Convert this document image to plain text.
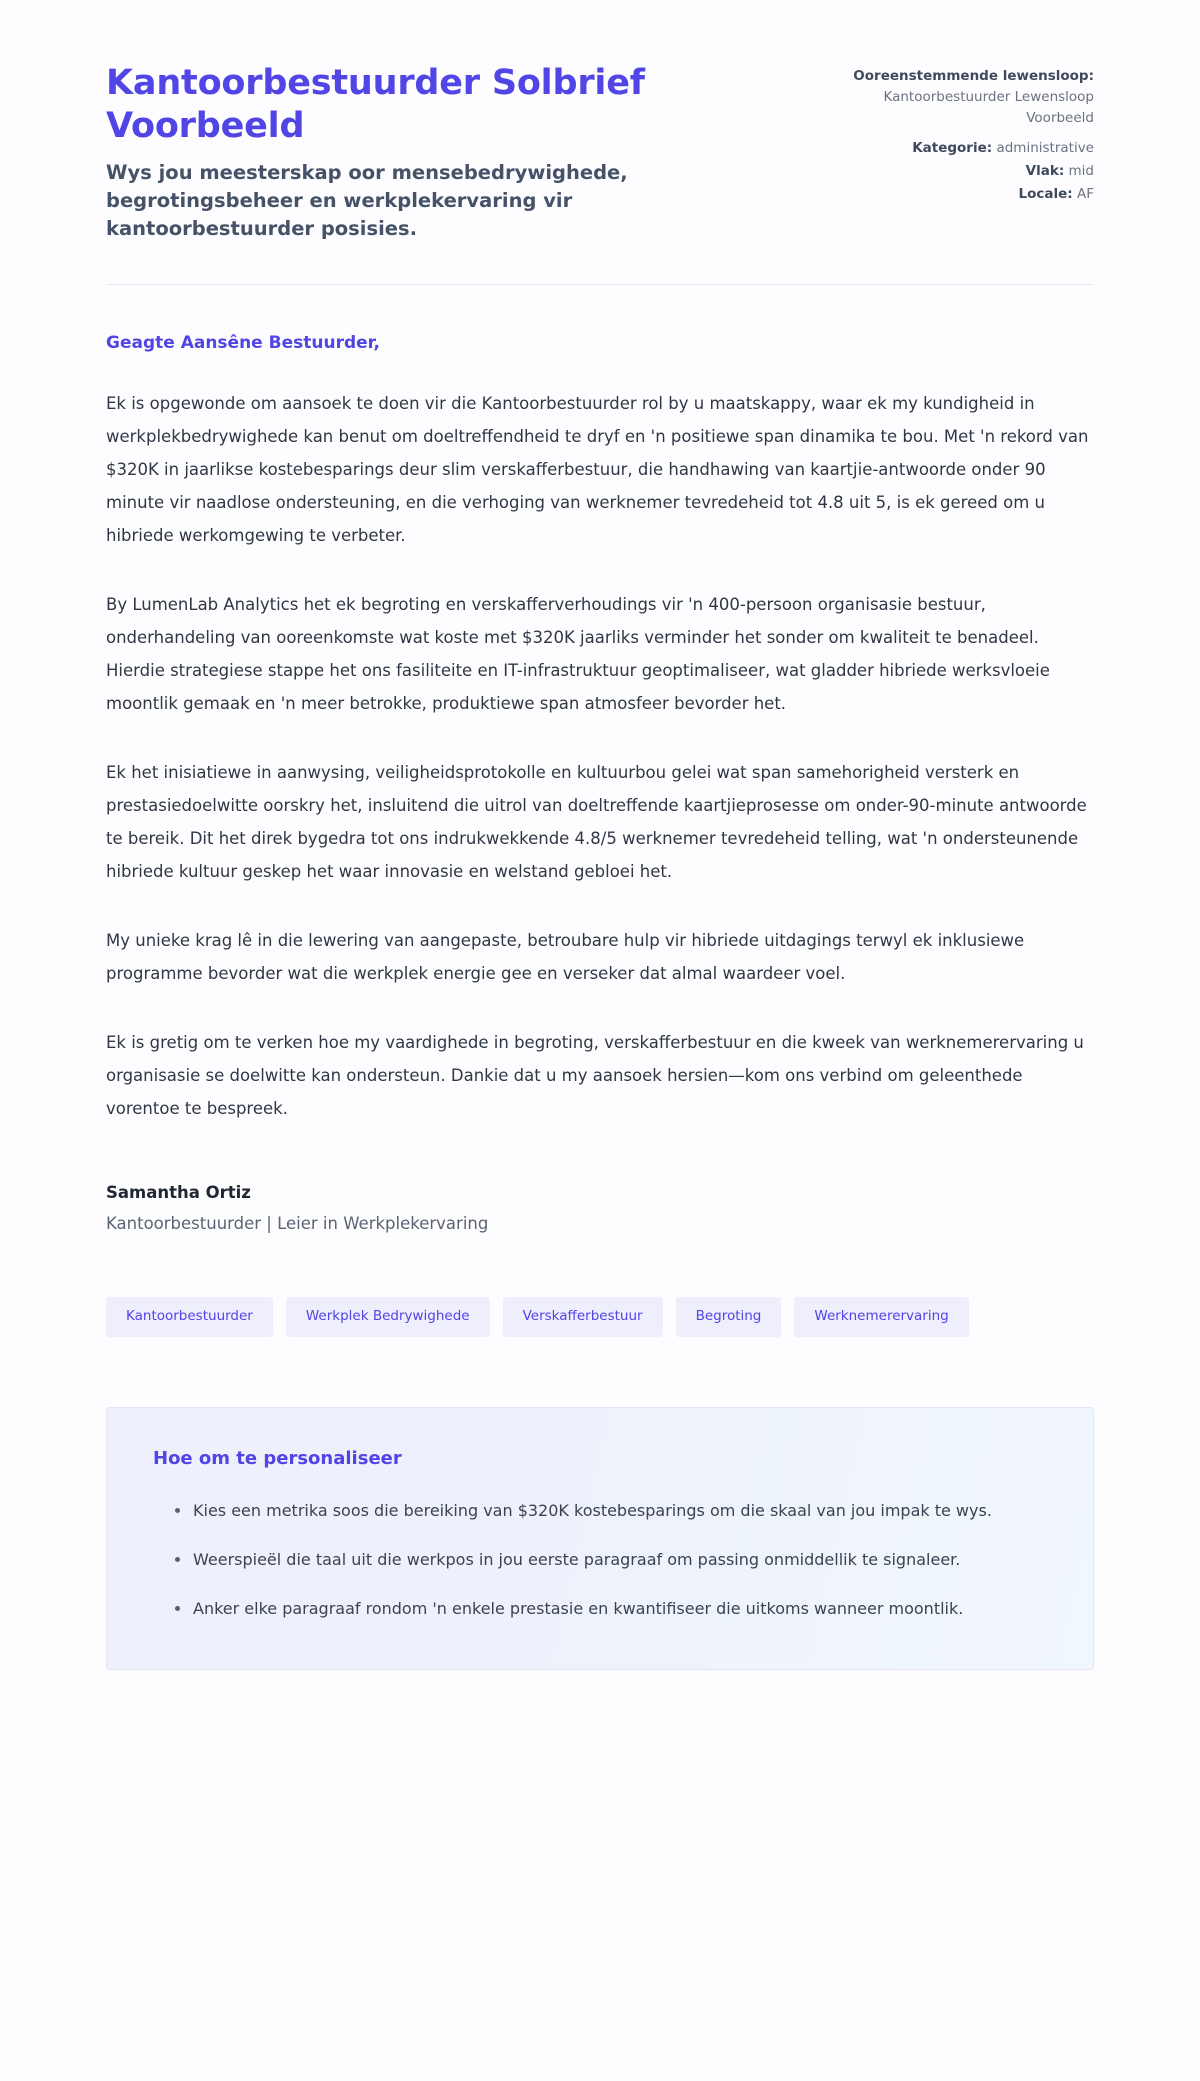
Kantoorbestuurder Solbrief Voorbeeld

Wys jou meesterskap oor mensebedrywighede, begrotingsbeheer en werkplekervaring vir kantoorbestuurder posisies.

Ooreenstemmende lewensloop:
Kantoorbestuurder Lewensloop Voorbeeld
Kategorie: administrative
Vlak: mid
Locale: AF

Geagte Aansêne Bestuurder,

Ek is opgewonde om aansoek te doen vir die Kantoorbestuurder rol by u maatskappy, waar ek my kundigheid in werkplekbedrywighede kan benut om doeltreffendheid te dryf en 'n positiewe span dinamika te bou. Met 'n rekord van $320K in jaarlikse kostebesparings deur slim verskafferbestuur, die handhawing van kaartjie-antwoorde onder 90 minute vir naadlose ondersteuning, en die verhoging van werknemer tevredeheid tot 4.8 uit 5, is ek gereed om u hibriede werkomgewing te verbeter.

By LumenLab Analytics het ek begroting en verskafferverhoudings vir 'n 400-persoon organisasie bestuur, onderhandeling van ooreenkomste wat koste met $320K jaarliks verminder het sonder om kwaliteit te benadeel. Hierdie strategiese stappe het ons fasiliteite en IT-infrastruktuur geoptimaliseer, wat gladder hibriede werksvloeie moontlik gemaak en 'n meer betrokke, produktiewe span atmosfeer bevorder het.

Ek het inisiatiewe in aanwysing, veiligheidsprotokolle en kultuurbou gelei wat span samehorigheid versterk en prestasiedoelwitte oorskry het, insluitend die uitrol van doeltreffende kaartjieprosesse om onder-90-minute antwoorde te bereik. Dit het direk bygedra tot ons indrukwekkende 4.8/5 werknemer tevredeheid telling, wat 'n ondersteunende hibriede kultuur geskep het waar innovasie en welstand gebloei het.

My unieke krag lê in die lewering van aangepaste, betroubare hulp vir hibriede uitdagings terwyl ek inklusiewe programme bevorder wat die werkplek energie gee en verseker dat almal waardeer voel.

Ek is gretig om te verken hoe my vaardighede in begroting, verskafferbestuur en die kweek van werknemerervaring u organisasie se doelwitte kan ondersteun. Dankie dat u my aansoek hersien—kom ons verbind om geleenthede vorentoe te bespreek.

Samantha Ortiz

Kantoorbestuurder | Leier in Werkplekervaring

Kantoorbestuurder	Werkplek Bedrywighede	Verskafferbestuur	Begroting	Werknemerervaring
Hoe om te personaliseer
Kies een metrika soos die bereiking van $320K kostebesparings om die skaal van jou impak te wys.
Weerspieël die taal uit die werkpos in jou eerste paragraaf om passing onmiddellik te signaleer.
Anker elke paragraaf rondom 'n enkele prestasie en kwantifiseer die uitkoms wanneer moontlik.
